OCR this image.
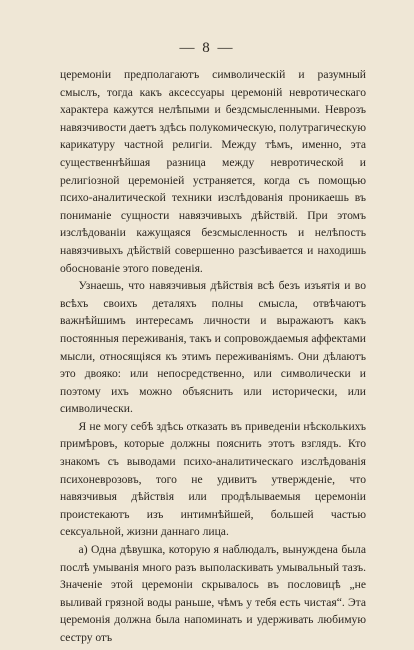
— 8 —

церемоніи предполагаютъ символическій и разумный смыслъ, тогда какъ аксессуары церемоній невротическаго характера кажутся нелѣпыми и бездсмысленными. Неврозъ навязчивости даетъ здѣсь полукомическую, полутрагическую карикатуру частной религіи. Между тѣмъ, именно, эта существеннѣйшая разница между невротической и религіозной церемоніей устраняется, когда съ помощью психо-аналитической техники изслѣдованія проникаешь въ пониманіе сущности навязчивыхъ дѣйствій. При этомъ изслѣдованіи кажущаяся безсмысленность и нелѣпость навязчивыхъ дѣйствій совершенно разсѣивается и находишь обоснованіе этого поведенія.

Узнаешь, что навязчивыя дѣйствія всѣ безъ изъятія и во всѣхъ своихъ деталяхъ полны смысла, отвѣчаютъ важнѣйшимъ интересамъ личности и выражаютъ какъ постоянныя переживанія, такъ и сопровождаемыя аффектами мысли, относящіяся къ этимъ переживаніямъ. Они дѣлаютъ это двояко: или непосредственно, или символически и поэтому ихъ можно объяснить или исторически, или символически.

Я не могу себѣ здѣсь отказать въ приведеніи нѣсколькихъ примѣровъ, которые должны пояснить этотъ взглядъ. Кто знакомъ съ выводами психо-аналитическаго изслѣдованія психоневрозовъ, того не удивитъ утвержденіе, что навязчивыя дѣйствія или продѣлываемыя церемоніи проистекаютъ изъ интимнѣйшей, большей частью сексуальной, жизни даннаго лица.

а) Одна дѣвушка, которую я наблюдалъ, вынуждена была послѣ умыванія много разъ выполаскивать умывальный тазъ. Значеніе этой церемоніи скрывалось въ пословицѣ „не выливай грязной воды раньше, чѣмъ у тебя есть чистая“. Эта церемонія должна была напоминать и удерживать любимую сестру отъ
